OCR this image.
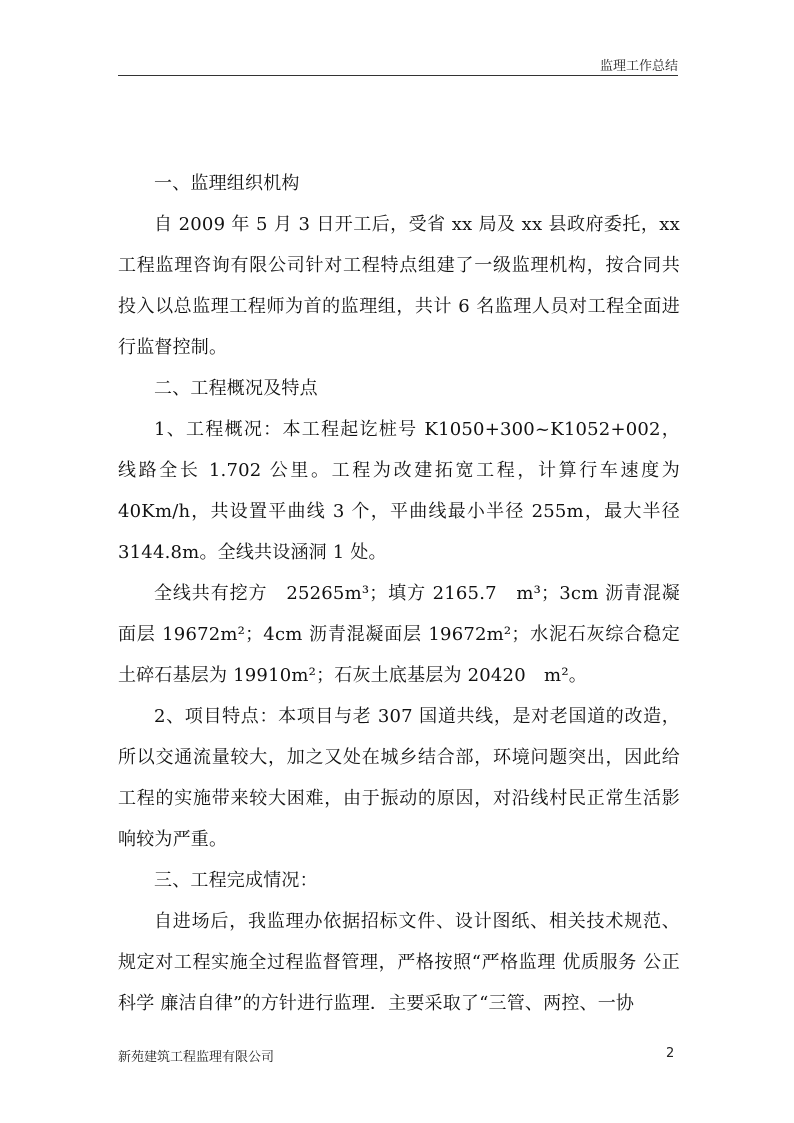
监理工作总结

一、监理组织机构

自 2009 年 5 月 3 日开工后，受省 xx 局及 xx 县政府委托，xx 工程监理咨询有限公司针对工程特点组建了一级监理机构，按合同共投入以总监理工程师为首的监理组，共计 6 名监理人员对工程全面进行监督控制。

二、工程概况及特点

1、工程概况：本工程起讫桩号 K1050+300~K1052+002，线路全长 1.702 公里。工程为改建拓宽工程，计算行车速度为 40Km/h，共设置平曲线 3 个，平曲线最小半径 255m，最大半径 3144.8m。全线共设涵洞 1 处。

全线共有挖方　25265m³；填方 2165.7　m³；3cm 沥青混凝面层 19672m²；4cm 沥青混凝面层 19672m²；水泥石灰综合稳定土碎石基层为 19910m²；石灰土底基层为 20420　m²。

2、项目特点：本项目与老 307 国道共线，是对老国道的改造，所以交通流量较大，加之又处在城乡结合部，环境问题突出，因此给工程的实施带来较大困难，由于振动的原因，对沿线村民正常生活影响较为严重。

三、工程完成情况：

自进场后，我监理办依据招标文件、设计图纸、相关技术规范、规定对工程实施全过程监督管理，严格按照“严格监理 优质服务 公正科学 廉洁自律”的方针进行监理．主要采取了“三管、两控、一协

新苑建筑工程监理有限公司	2
